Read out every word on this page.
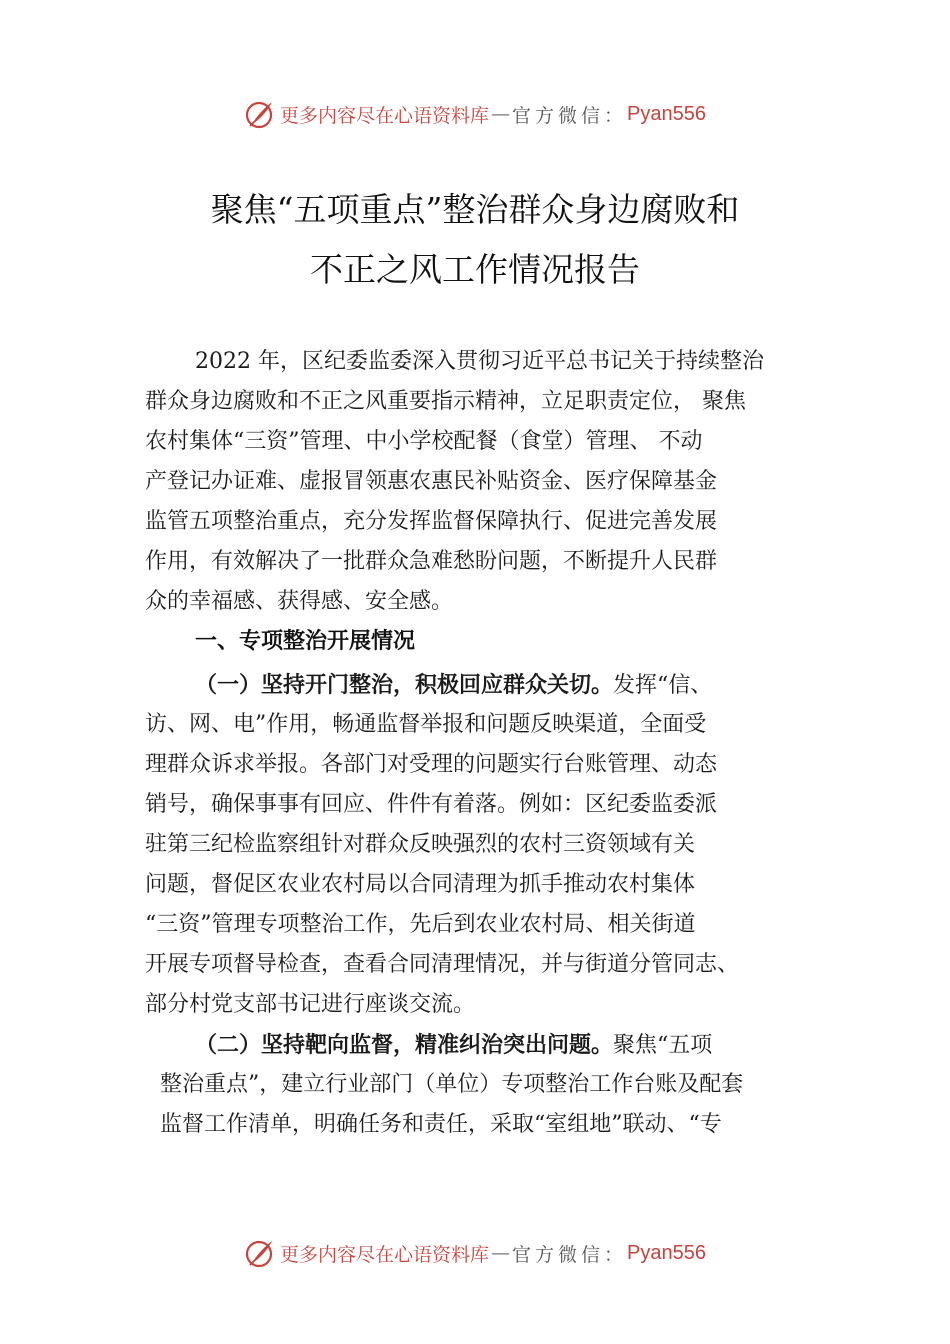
更多内容尽在心语资料库 — 官方微信： Pyan556
聚焦“五项重点”整治群众身边腐败和
不正之风工作情况报告
2022 年，区纪委监委深入贯彻习近平总书记关于持续整治
群众身边腐败和不正之风重要指示精神，立足职责定位， 聚焦
农村集体“三资”管理、中小学校配餐（食堂）管理、 不动
产登记办证难、虚报冒领惠农惠民补贴资金、医疗保障基金
监管五项整治重点，充分发挥监督保障执行、促进完善发展
作用，有效解决了一批群众急难愁盼问题，不断提升人民群
众的幸福感、获得感、安全感。
一、专项整治开展情况
（一）坚持开门整治，积极回应群众关切。发挥“信、
访、网、电”作用，畅通监督举报和问题反映渠道，全面受
理群众诉求举报。各部门对受理的问题实行台账管理、动态
销号，确保事事有回应、件件有着落。例如：区纪委监委派
驻第三纪检监察组针对群众反映强烈的农村三资领域有关
问题，督促区农业农村局以合同清理为抓手推动农村集体
“三资”管理专项整治工作，先后到农业农村局、相关街道
开展专项督导检查，查看合同清理情况，并与街道分管同志、
部分村党支部书记进行座谈交流。
（二）坚持靶向监督，精准纠治突出问题。聚焦“五项
整治重点”，建立行业部门（单位）专项整治工作台账及配套
监督工作清单，明确任务和责任，采取“室组地”联动、“专
更多内容尽在心语资料库 — 官方微信： Pyan556
